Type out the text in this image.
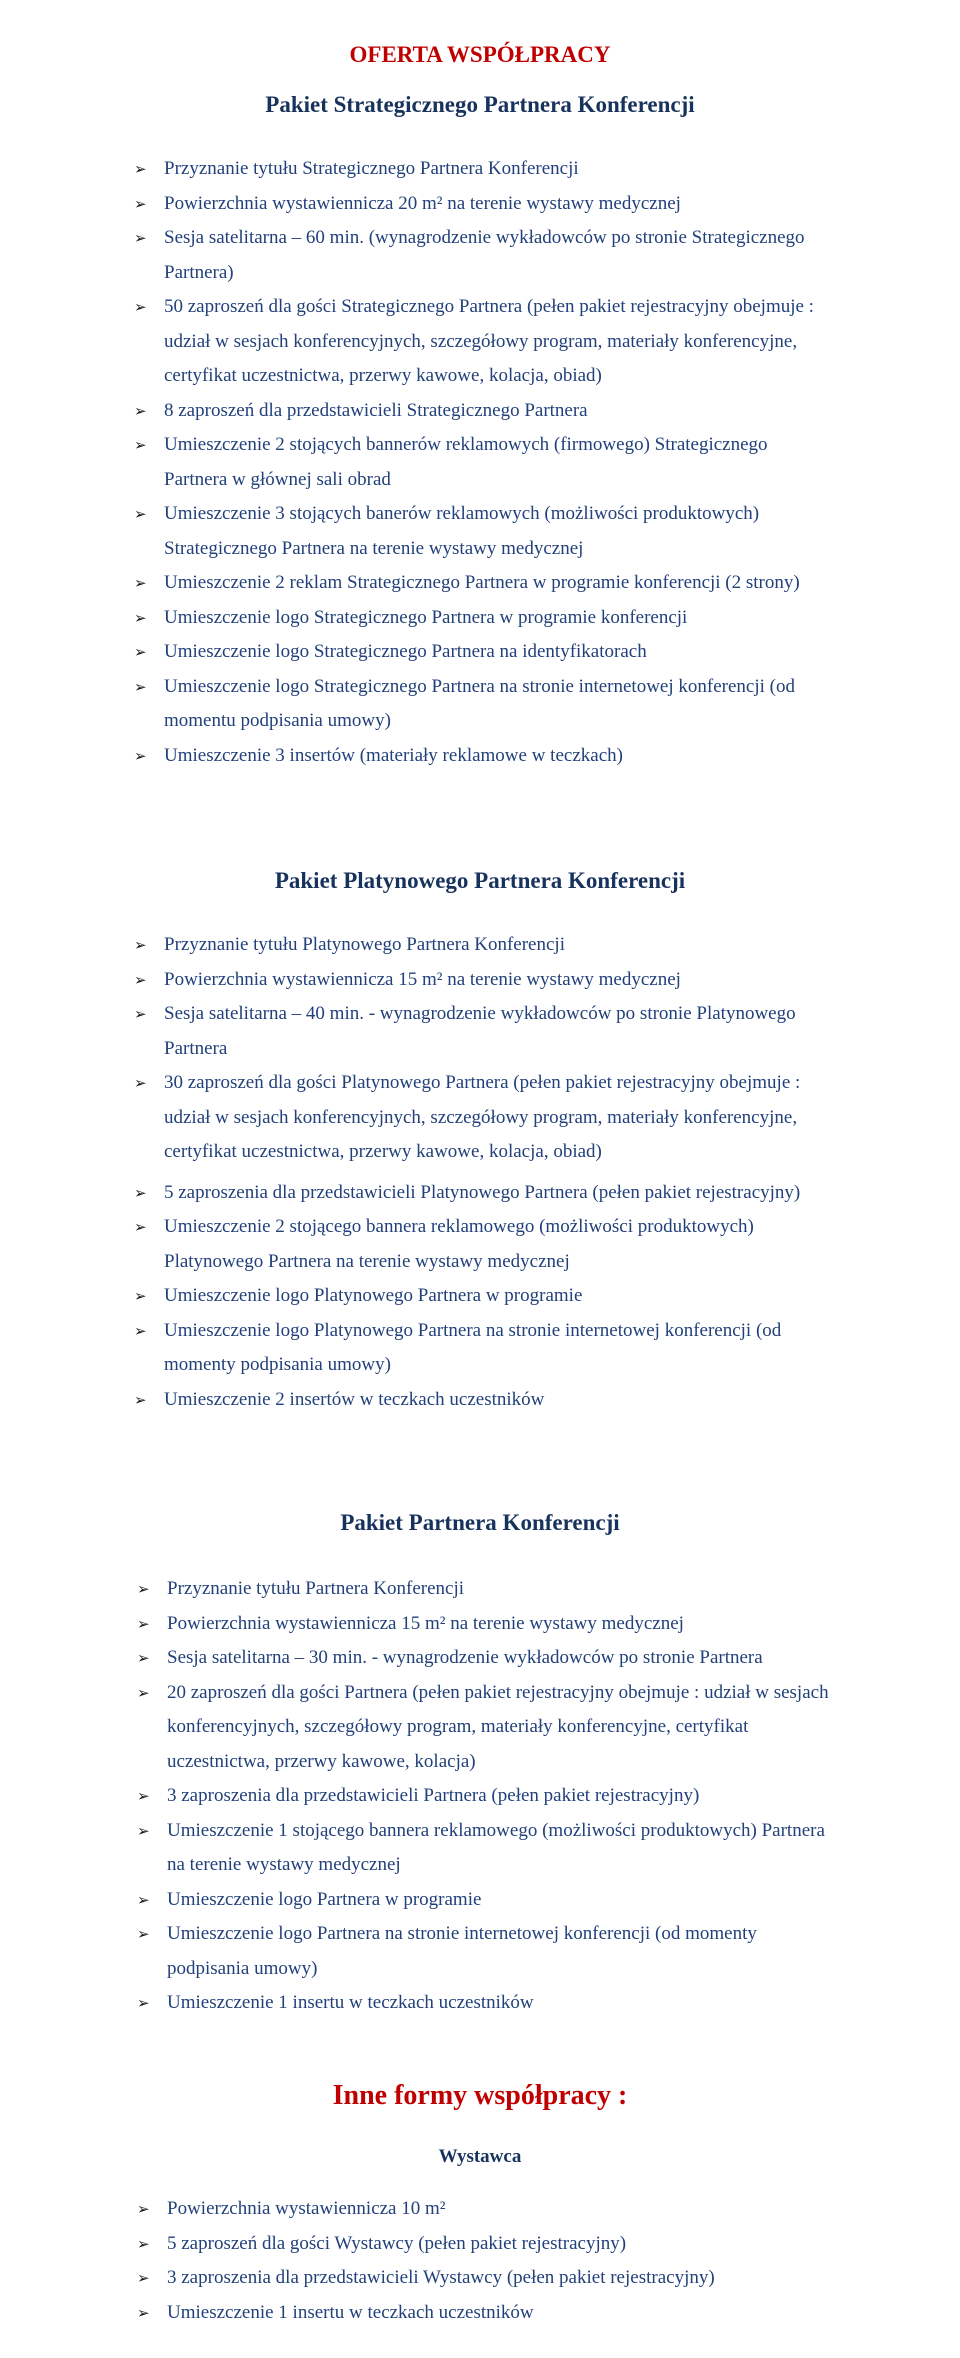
OFERTA WSPÓŁPRACY
Pakiet Strategicznego Partnera Konferencji
➢ Przyznanie tytułu Strategicznego Partnera Konferencji
➢ Powierzchnia wystawiennicza 20 m² na terenie wystawy medycznej
➢ Sesja satelitarna – 60 min. (wynagrodzenie wykładowców po stronie Strategicznego Partnera)
➢ 50 zaproszeń dla gości Strategicznego Partnera (pełen pakiet rejestracyjny obejmuje : udział w sesjach konferencyjnych, szczegółowy program, materiały konferencyjne, certyfikat uczestnictwa, przerwy kawowe, kolacja, obiad)
➢ 8 zaproszeń dla przedstawicieli Strategicznego Partnera
➢ Umieszczenie 2 stojących bannerów reklamowych (firmowego) Strategicznego Partnera w głównej sali obrad
➢ Umieszczenie 3 stojących banerów reklamowych (możliwości produktowych) Strategicznego Partnera na terenie wystawy medycznej
➢ Umieszczenie 2 reklam Strategicznego Partnera w programie konferencji (2 strony)
➢ Umieszczenie logo Strategicznego Partnera w programie konferencji
➢ Umieszczenie logo Strategicznego Partnera na identyfikatorach
➢ Umieszczenie logo Strategicznego Partnera na stronie internetowej konferencji (od momentu podpisania umowy)
➢ Umieszczenie 3 insertów (materiały reklamowe w teczkach)
Pakiet Platynowego Partnera Konferencji
➢ Przyznanie tytułu Platynowego Partnera Konferencji
➢ Powierzchnia wystawiennicza 15 m² na terenie wystawy medycznej
➢ Sesja satelitarna – 40 min. - wynagrodzenie wykładowców po stronie Platynowego Partnera
➢ 30 zaproszeń dla gości Platynowego Partnera (pełen pakiet rejestracyjny obejmuje : udział w sesjach konferencyjnych, szczegółowy program, materiały konferencyjne, certyfikat uczestnictwa, przerwy kawowe, kolacja, obiad)
➢ 5 zaproszenia dla przedstawicieli Platynowego Partnera (pełen pakiet rejestracyjny)
➢ Umieszczenie 2 stojącego bannera reklamowego (możliwości produktowych) Platynowego Partnera na terenie wystawy medycznej
➢ Umieszczenie logo Platynowego Partnera w programie
➢ Umieszczenie logo Platynowego Partnera na stronie internetowej konferencji (od momenty podpisania umowy)
➢ Umieszczenie 2 insertów w teczkach uczestników
Pakiet Partnera Konferencji
➢ Przyznanie tytułu Partnera Konferencji
➢ Powierzchnia wystawiennicza 15 m² na terenie wystawy medycznej
➢ Sesja satelitarna – 30 min. - wynagrodzenie wykładowców po stronie Partnera
➢ 20 zaproszeń dla gości Partnera (pełen pakiet rejestracyjny obejmuje : udział w sesjach konferencyjnych, szczegółowy program, materiały konferencyjne, certyfikat uczestnictwa, przerwy kawowe, kolacja)
➢ 3 zaproszenia dla przedstawicieli Partnera (pełen pakiet rejestracyjny)
➢ Umieszczenie 1 stojącego bannera reklamowego (możliwości produktowych) Partnera na terenie wystawy medycznej
➢ Umieszczenie logo Partnera w programie
➢ Umieszczenie logo Partnera na stronie internetowej konferencji (od momenty podpisania umowy)
➢ Umieszczenie 1 insertu w teczkach uczestników
Inne formy współpracy :
Wystawca
➢ Powierzchnia wystawiennicza 10 m²
➢ 5 zaproszeń dla gości Wystawcy (pełen pakiet rejestracyjny)
➢ 3 zaproszenia dla przedstawicieli Wystawcy (pełen pakiet rejestracyjny)
➢ Umieszczenie 1 insertu w teczkach uczestników
